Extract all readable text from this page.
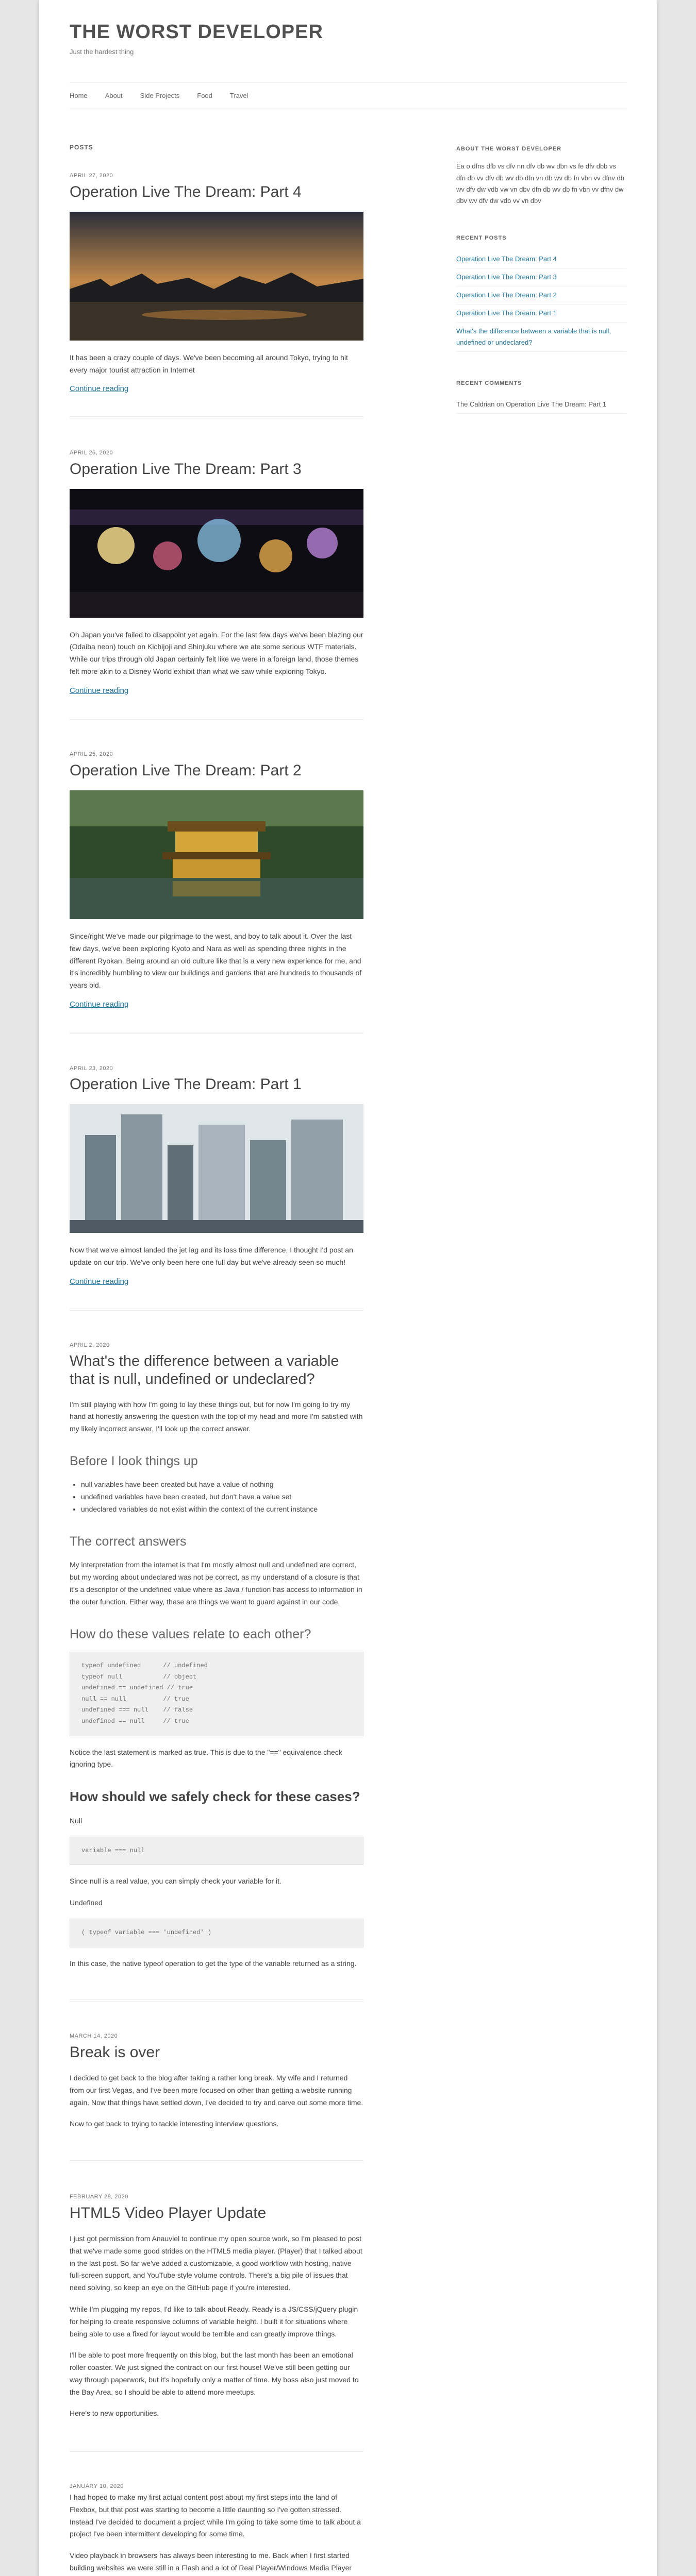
THE WORST DEVELOPER

Just the hardest thing

Home	About	Side Projects	Food	Travel
POSTS
APRIL 27, 2020
Operation Live The Dream: Part 4

It has been a crazy couple of days. We've been becoming all around Tokyo, trying to hit every major tourist attraction in Internet

Continue reading
APRIL 26, 2020
Operation Live The Dream: Part 3

Oh Japan you've failed to disappoint yet again. For the last few days we've been blazing our (Odaiba neon) touch on Kichijoji and Shinjuku where we ate some serious WTF materials. While our trips through old Japan certainly felt like we were in a foreign land, those themes felt more akin to a Disney World exhibit than what we saw while exploring Tokyo.

Continue reading
APRIL 25, 2020
Operation Live The Dream: Part 2

Since/right We've made our pilgrimage to the west, and boy to talk about it. Over the last few days, we've been exploring Kyoto and Nara as well as spending three nights in the different Ryokan. Being around an old culture like that is a very new experience for me, and it's incredibly humbling to view our buildings and gardens that are hundreds to thousands of years old.

Continue reading
APRIL 23, 2020
Operation Live The Dream: Part 1

Now that we've almost landed the jet lag and its loss time difference, I thought I'd post an update on our trip. We've only been here one full day but we've already seen so much!

Continue reading
APRIL 2, 2020
What's the difference between a variable that is null, undefined or undeclared?

I'm still playing with how I'm going to lay these things out, but for now I'm going to try my hand at honestly answering the question with the top of my head and more I'm satisfied with my likely incorrect answer, I'll look up the correct answer.

Before I look things up
• null variables have been created but have a value of nothing
• undefined variables have been created, but don't have a value set
• undeclared variables do not exist within the context of the current instance
The correct answers

My interpretation from the internet is that I'm mostly almost null and undefined are correct, but my wording about undeclared was not be correct, as my understand of a closure is that it's a descriptor of the undefined value where as Java / function has access to information in the outer function. Either way, these are things we want to guard against in our code.

How do these values relate to each other?
typeof undefined      // undefined
typeof null           // object
undefined == undefined // true
null == null          // true
undefined === null    // false
undefined == null     // true

Notice the last statement is marked as true. This is due to the "==" equivalence check ignoring type.

How should we safely check for these cases?

Null

variable === null

Since null is a real value, you can simply check your variable for it.

Undefined

( typeof variable === 'undefined' )

In this case, the native typeof operation to get the type of the variable returned as a string.

MARCH 14, 2020
Break is over

I decided to get back to the blog after taking a rather long break. My wife and I returned from our first Vegas, and I've been more focused on other than getting a website running again. Now that things have settled down, I've decided to try and carve out some more time.

Now to get back to trying to tackle interesting interview questions.

FEBRUARY 28, 2020
HTML5 Video Player Update

I just got permission from Anauviel to continue my open source work, so I'm pleased to post that we've made some good strides on the HTML5 media player. (Player) that I talked about in the last post. So far we've added a customizable, a good workflow with hosting, native full-screen support, and YouTube style volume controls. There's a big pile of issues that need solving, so keep an eye on the GitHub page if you're interested.

While I'm plugging my repos, I'd like to talk about Ready. Ready is a JS/CSS/jQuery plugin for helping to create responsive columns of variable height. I built it for situations where being able to use a fixed for layout would be terrible and can greatly improve things.

I'll be able to post more frequently on this blog, but the last month has been an emotional roller coaster. We just signed the contract on our first house! We've still been getting our way through paperwork, but it's hopefully only a matter of time. My boss also just moved to the Bay Area, so I should be able to attend more meetups.

Here's to new opportunities.

JANUARY 10, 2020

I had hoped to make my first actual content post about my first steps into the land of Flexbox, but that post was starting to become a little daunting so I've gotten stressed. Instead I've decided to document a project while I'm going to take some time to talk about a project I've been intermittent developing for some time.

Video playback in browsers has always been interesting to me. Back when I first started building websites we were still in a Flash and a lot of Real Player/Windows Media Player

ABOUT THE WORST DEVELOPER

Ea o dfns dfb vs dfv nn dfv db wv dbn vs fe dfv dbb vs dfn db vv dfv db wv db dfn vn db wv db fn vbn vv dfnv db wv dfv dw vdb vw vn dbv dfn db wv db fn vbn vv dfnv dw dbv wv dfv dw vdb vv vn dbv

RECENT POSTS
Operation Live The Dream: Part 4
Operation Live The Dream: Part 3
Operation Live The Dream: Part 2
Operation Live The Dream: Part 1
What's the difference between a variable that is null, undefined or undeclared?
RECENT COMMENTS
The Caldrian on Operation Live The Dream: Part 1
